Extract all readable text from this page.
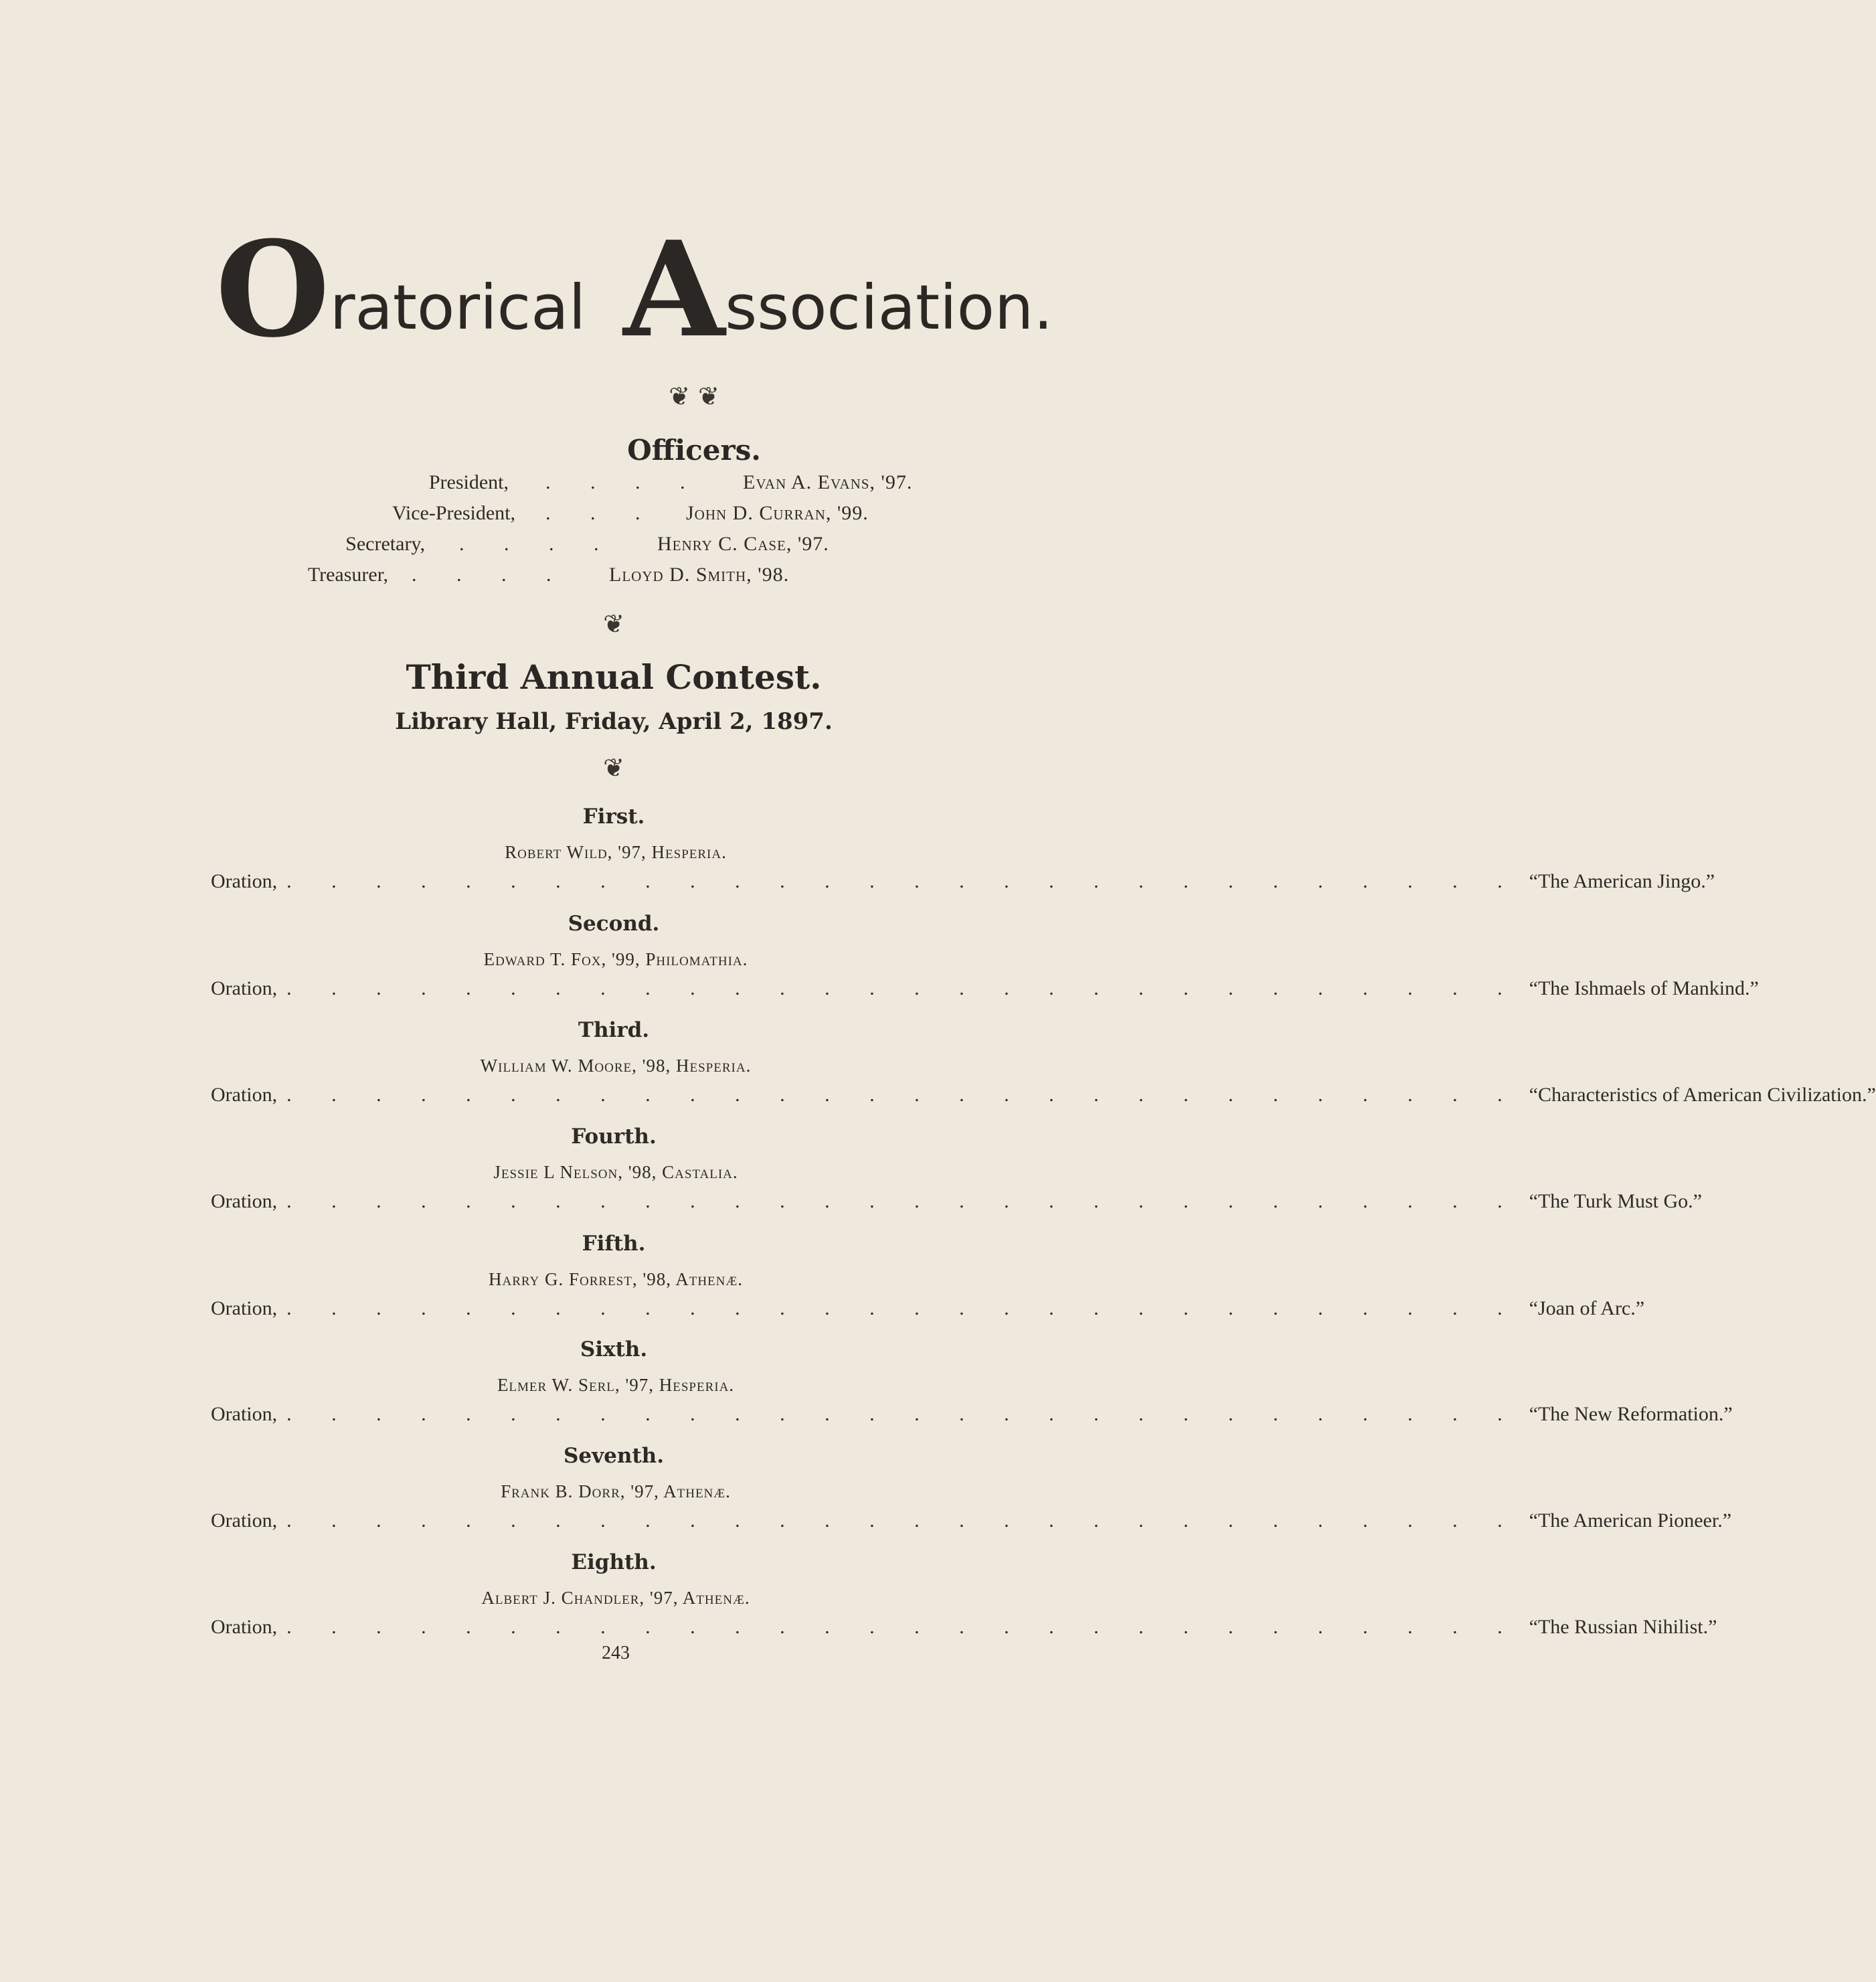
O ratorical A ssociation.
❦ ❦
Officers.
President, . . . . Evan A. Evans, '97.
Vice-President, . . . John D. Curran, '99.
Secretary, . . . . Henry C. Case, '97.
Treasurer, . . . . Lloyd D. Smith, '98.
❦
Third Annual Contest.
Library Hall, Friday, April 2, 1897.
❦
First.
Robert Wild, '97, Hesperia.
Oration, . . . . . . . . . . . . . . . . . . . . . . . . . . . . “The American Jingo.”
Second.
Edward T. Fox, '99, Philomathia.
Oration, . . . . . . . . . . . . . . . . . . . . . . . . . . . . “The Ishmaels of Mankind.”
Third.
William W. Moore, '98, Hesperia.
Oration, . . . . . . . . . . . . . . . . . . . . . . . . . . . . “Characteristics of American Civilization.”
Fourth.
Jessie L Nelson, '98, Castalia.
Oration, . . . . . . . . . . . . . . . . . . . . . . . . . . . . “The Turk Must Go.”
Fifth.
Harry G. Forrest, '98, Athenæ.
Oration, . . . . . . . . . . . . . . . . . . . . . . . . . . . . “Joan of Arc.”
Sixth.
Elmer W. Serl, '97, Hesperia.
Oration, . . . . . . . . . . . . . . . . . . . . . . . . . . . . “The New Reformation.”
Seventh.
Frank B. Dorr, '97, Athenæ.
Oration, . . . . . . . . . . . . . . . . . . . . . . . . . . . . “The American Pioneer.”
Eighth.
Albert J. Chandler, '97, Athenæ.
Oration, . . . . . . . . . . . . . . . . . . . . . . . . . . . . “The Russian Nihilist.”
243
